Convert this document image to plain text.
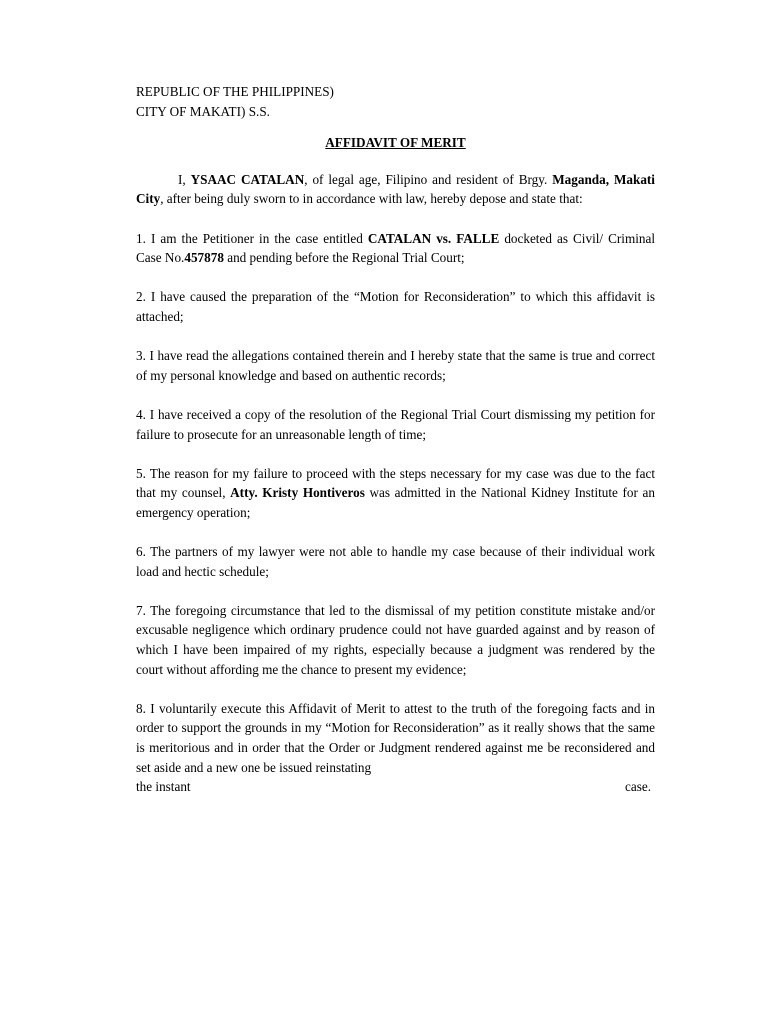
REPUBLIC OF THE PHILIPPINES)
CITY OF MAKATI) S.S.
AFFIDAVIT OF MERIT
I, YSAAC CATALAN, of legal age, Filipino and resident of Brgy. Maganda, Makati City, after being duly sworn to in accordance with law, hereby depose and state that:
1. I am the Petitioner in the case entitled CATALAN vs. FALLE docketed as Civil/ Criminal Case No.457878 and pending before the Regional Trial Court;
2. I have caused the preparation of the “Motion for Reconsideration” to which this affidavit is attached;
3. I have read the allegations contained therein and I hereby state that the same is true and correct of my personal knowledge and based on authentic records;
4. I have received a copy of the resolution of the Regional Trial Court dismissing my petition for failure to prosecute for an unreasonable length of time;
5. The reason for my failure to proceed with the steps necessary for my case was due to the fact that my counsel, Atty. Kristy Hontiveros was admitted in the National Kidney Institute for an emergency operation;
6. The partners of my lawyer were not able to handle my case because of their individual work load and hectic schedule;
7. The foregoing circumstance that led to the dismissal of my petition constitute mistake and/or excusable negligence which ordinary prudence could not have guarded against and by reason of which I have been impaired of my rights, especially because a judgment was rendered by the court without affording me the chance to present my evidence;
8. I voluntarily execute this Affidavit of Merit to attest to the truth of the foregoing facts and in order to support the grounds in my “Motion for Reconsideration” as it really shows that the same is meritorious and in order that the Order or Judgment rendered against me be reconsidered and set aside and a new one be issued reinstating
the instant	case.
